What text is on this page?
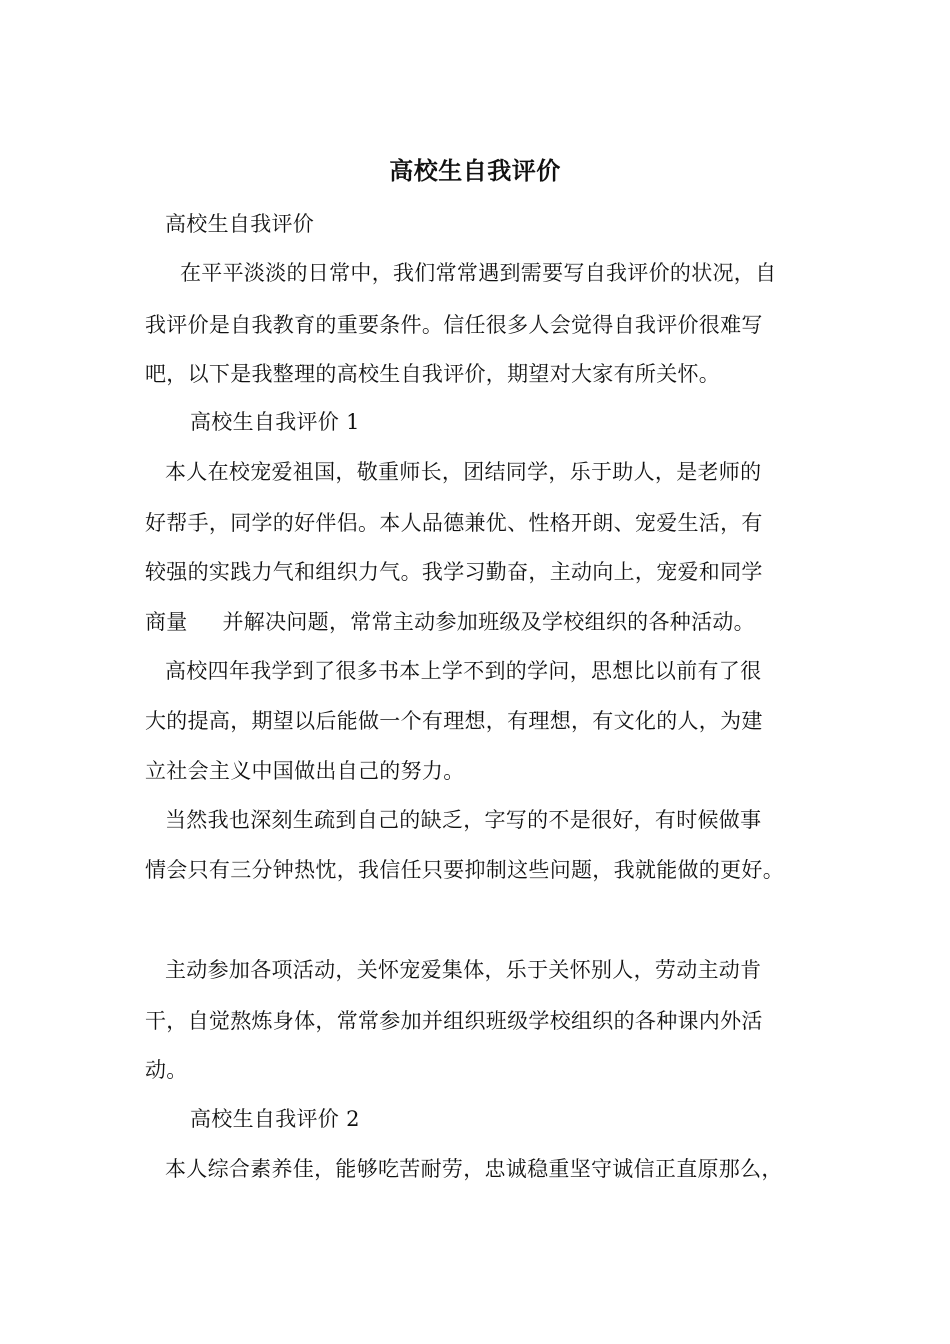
高校生自我评价
高校生自我评价
在平平淡淡的日常中，我们常常遇到需要写自我评价的状况，自
我评价是自我教育的重要条件。信任很多人会觉得自我评价很难写
吧，以下是我整理的高校生自我评价，期望对大家有所关怀。
高校生自我评价 1
本人在校宠爱祖国，敬重师长，团结同学，乐于助人，是老师的
好帮手，同学的好伴侣。本人品德兼优、性格开朗、宠爱生活，有
较强的实践力气和组织力气。我学习勤奋，主动向上，宠爱和同学
商量     并解决问题，常常主动参加班级及学校组织的各种活动。
高校四年我学到了很多书本上学不到的学问，思想比以前有了很
大的提高，期望以后能做一个有理想，有理想，有文化的人，为建
立社会主义中国做出自己的努力。
当然我也深刻生疏到自己的缺乏，字写的不是很好，有时候做事
情会只有三分钟热忱，我信任只要抑制这些问题，我就能做的更好。
主动参加各项活动，关怀宠爱集体，乐于关怀别人，劳动主动肯
干，自觉熬炼身体，常常参加并组织班级学校组织的各种课内外活
动。
高校生自我评价 2
本人综合素养佳，能够吃苦耐劳，忠诚稳重坚守诚信正直原那么，
